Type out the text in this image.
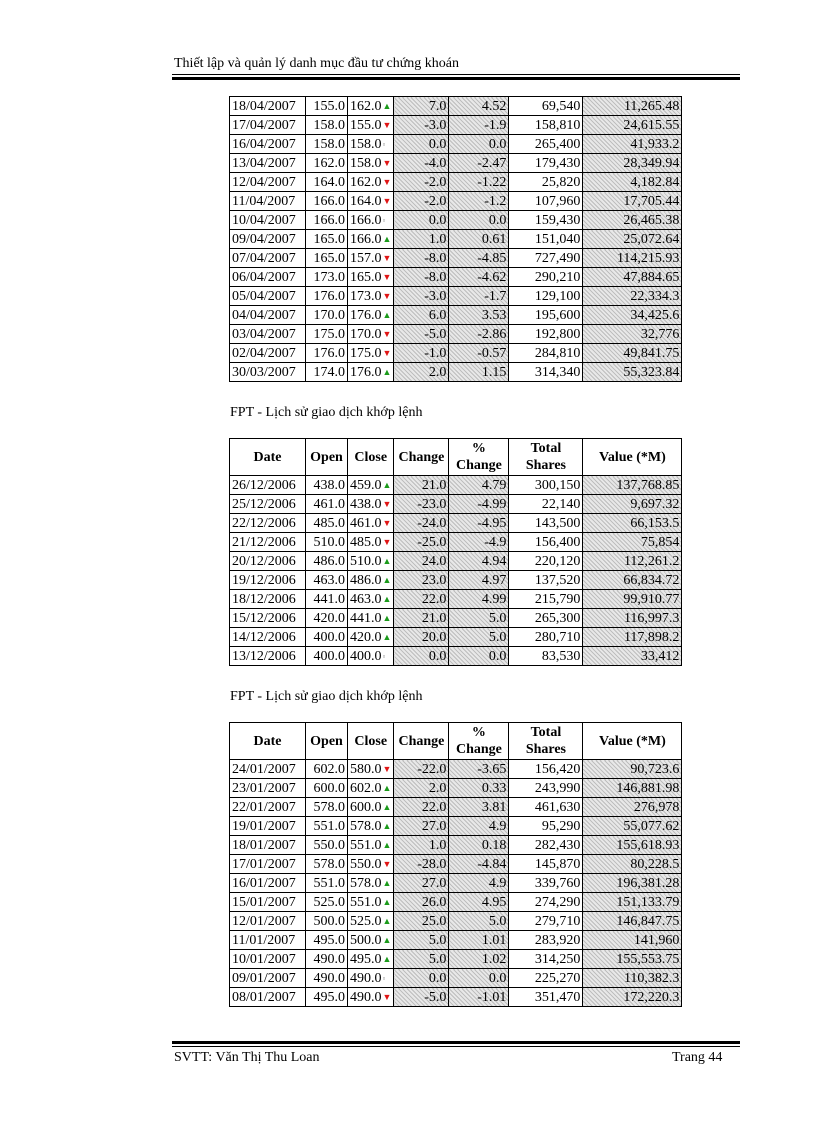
Thiết lập và quản lý danh mục đầu tư chứng khoán
18/04/2007	155.0	162.0▲	7.0	4.52	69,540	11,265.48
17/04/2007	158.0	155.0▼	-3.0	-1.9	158,810	24,615.55
16/04/2007	158.0	158.0▫	0.0	0.0	265,400	41,933.2
13/04/2007	162.0	158.0▼	-4.0	-2.47	179,430	28,349.94
12/04/2007	164.0	162.0▼	-2.0	-1.22	25,820	4,182.84
11/04/2007	166.0	164.0▼	-2.0	-1.2	107,960	17,705.44
10/04/2007	166.0	166.0▫	0.0	0.0	159,430	26,465.38
09/04/2007	165.0	166.0▲	1.0	0.61	151,040	25,072.64
07/04/2007	165.0	157.0▼	-8.0	-4.85	727,490	114,215.93
06/04/2007	173.0	165.0▼	-8.0	-4.62	290,210	47,884.65
05/04/2007	176.0	173.0▼	-3.0	-1.7	129,100	22,334.3
04/04/2007	170.0	176.0▲	6.0	3.53	195,600	34,425.6
03/04/2007	175.0	170.0▼	-5.0	-2.86	192,800	32,776
02/04/2007	176.0	175.0▼	-1.0	-0.57	284,810	49,841.75
30/03/2007	174.0	176.0▲	2.0	1.15	314,340	55,323.84
FPT - Lịch sử giao dịch khớp lệnh
Date	Open	Close	Change	% Change	Total Shares	Value (*M)
26/12/2006	438.0	459.0▲	21.0	4.79	300,150	137,768.85
25/12/2006	461.0	438.0▼	-23.0	-4.99	22,140	9,697.32
22/12/2006	485.0	461.0▼	-24.0	-4.95	143,500	66,153.5
21/12/2006	510.0	485.0▼	-25.0	-4.9	156,400	75,854
20/12/2006	486.0	510.0▲	24.0	4.94	220,120	112,261.2
19/12/2006	463.0	486.0▲	23.0	4.97	137,520	66,834.72
18/12/2006	441.0	463.0▲	22.0	4.99	215,790	99,910.77
15/12/2006	420.0	441.0▲	21.0	5.0	265,300	116,997.3
14/12/2006	400.0	420.0▲	20.0	5.0	280,710	117,898.2
13/12/2006	400.0	400.0▫	0.0	0.0	83,530	33,412
FPT - Lịch sử giao dịch khớp lệnh
Date	Open	Close	Change	% Change	Total Shares	Value (*M)
24/01/2007	602.0	580.0▼	-22.0	-3.65	156,420	90,723.6
23/01/2007	600.0	602.0▲	2.0	0.33	243,990	146,881.98
22/01/2007	578.0	600.0▲	22.0	3.81	461,630	276,978
19/01/2007	551.0	578.0▲	27.0	4.9	95,290	55,077.62
18/01/2007	550.0	551.0▲	1.0	0.18	282,430	155,618.93
17/01/2007	578.0	550.0▼	-28.0	-4.84	145,870	80,228.5
16/01/2007	551.0	578.0▲	27.0	4.9	339,760	196,381.28
15/01/2007	525.0	551.0▲	26.0	4.95	274,290	151,133.79
12/01/2007	500.0	525.0▲	25.0	5.0	279,710	146,847.75
11/01/2007	495.0	500.0▲	5.0	1.01	283,920	141,960
10/01/2007	490.0	495.0▲	5.0	1.02	314,250	155,553.75
09/01/2007	490.0	490.0▫	0.0	0.0	225,270	110,382.3
08/01/2007	495.0	490.0▼	-5.0	-1.01	351,470	172,220.3
SVTT: Văn Thị Thu Loan	Trang 44
